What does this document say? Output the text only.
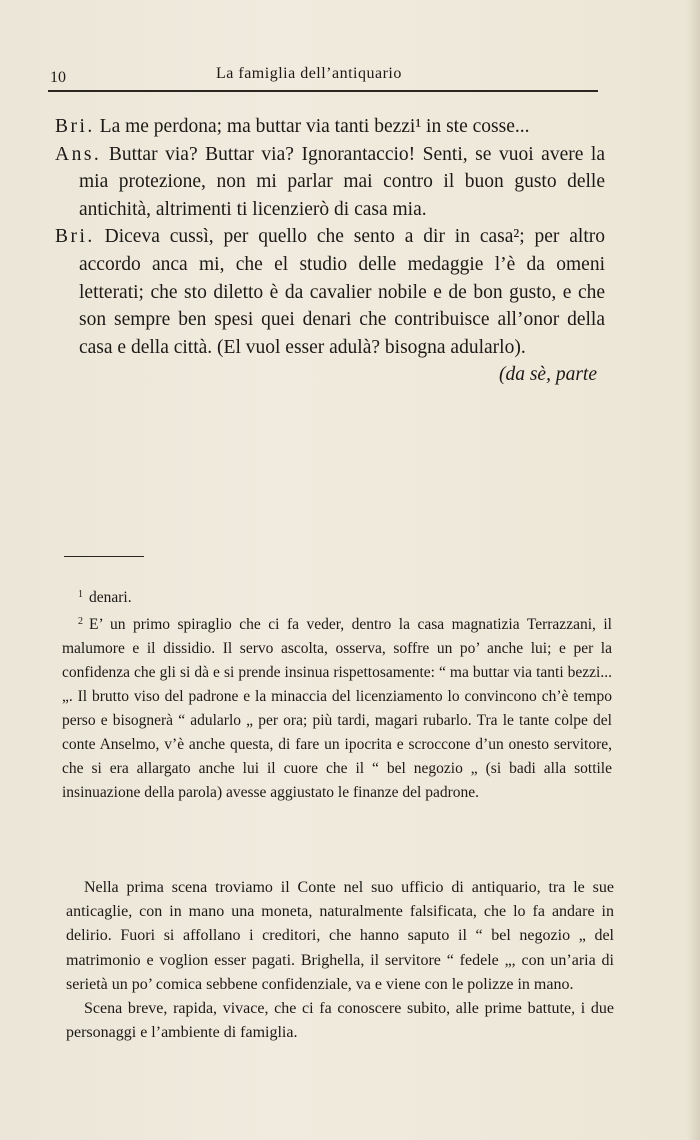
10	La famiglia dell’antiquario

Bri. La me perdona; ma buttar via tanti bezzi¹ in ste cosse...

Ans. Buttar via? Buttar via? Ignorantaccio! Senti, se vuoi avere la mia protezione, non mi parlar mai contro il buon gusto delle antichità, altrimenti ti licenzierò di casa mia.

Bri. Diceva cussì, per quello che sento a dir in casa²; per altro accordo anca mi, che el studio delle medaggie l’è da omeni letterati; che sto diletto è da cavalier nobile e de bon gusto, e che son sempre ben spesi quei denari che contribuisce all’onor della casa e della città. (El vuol esser adulà? bisogna adularlo).

(da sè, parte

$^1$ denari.

$^2$ E’ un primo spiraglio che ci fa veder, dentro la casa magnatizia Terrazzani, il malumore e il dissidio. Il servo ascolta, osserva, soffre un po’ anche lui; e per la confidenza che gli si dà e si prende insinua rispettosamente: “ ma buttar via tanti bezzi... „. Il brutto viso del padrone e la minaccia del licenziamento lo convincono ch’è tempo perso e bisognerà “ adularlo „ per ora; più tardi, magari rubarlo. Tra le tante colpe del conte Anselmo, v’è anche questa, di fare un ipocrita e scroccone d’un onesto servitore, che si era allargato anche lui il cuore che il “ bel negozio „ (si badi alla sottile insinuazione della parola) avesse aggiustato le finanze del padrone.

Nella prima scena troviamo il Conte nel suo ufficio di antiquario, tra le sue anticaglie, con in mano una moneta, naturalmente falsificata, che lo fa andare in delirio. Fuori si affollano i creditori, che hanno saputo il “ bel negozio „ del matrimonio e voglion esser pagati. Brighella, il servitore “ fedele „, con un’aria di serietà un po’ comica sebbene confidenziale, va e viene con le polizze in mano.

Scena breve, rapida, vivace, che ci fa conoscere subito, alle prime battute, i due personaggi e l’ambiente di famiglia.
